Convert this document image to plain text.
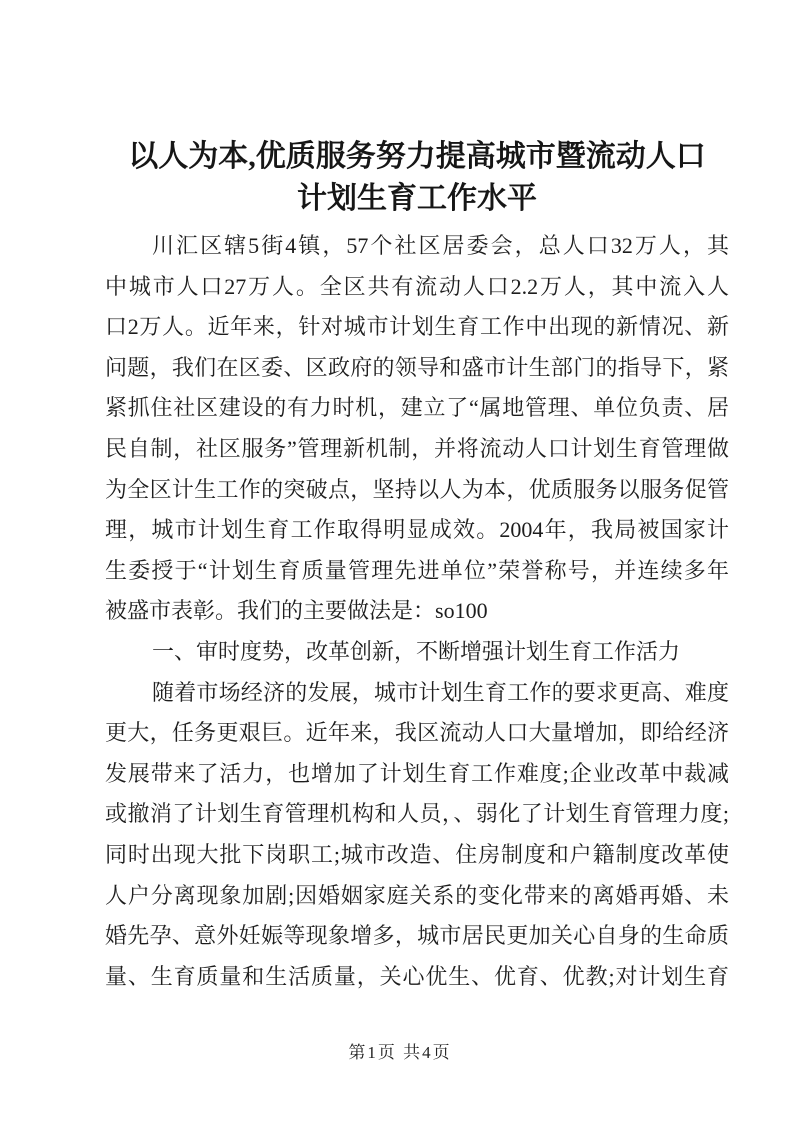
以人为本,优质服务努力提高城市暨流动人口
计划生育工作水平

川汇区辖5街4镇，57个社区居委会，总人口32万人，其

中城市人口27万人。全区共有流动人口2.2万人，其中流入人

口2万人。近年来，针对城市计划生育工作中出现的新情况、新

问题，我们在区委、区政府的领导和盛市计生部门的指导下，紧

紧抓住社区建设的有力时机，建立了“属地管理、单位负责、居

民自制，社区服务”管理新机制，并将流动人口计划生育管理做

为全区计生工作的突破点，坚持以人为本，优质服务以服务促管

理，城市计划生育工作取得明显成效。2004年，我局被国家计

生委授于“计划生育质量管理先进单位”荣誉称号，并连续多年

被盛市表彰。我们的主要做法是：so100

一、审时度势，改革创新，不断增强计划生育工作活力

随着市场经济的发展，城市计划生育工作的要求更高、难度

更大，任务更艰巨。近年来，我区流动人口大量增加，即给经济

发展带来了活力，也增加了计划生育工作难度;企业改革中裁减

或撤消了计划生育管理机构和人员，、弱化了计划生育管理力度;

同时出现大批下岗职工;城市改造、住房制度和户籍制度改革使

人户分离现象加剧;因婚姻家庭关系的变化带来的离婚再婚、未

婚先孕、意外妊娠等现象增多，城市居民更加关心自身的生命质

量、生育质量和生活质量，关心优生、优育、优教;对计划生育

第1页 共4页
